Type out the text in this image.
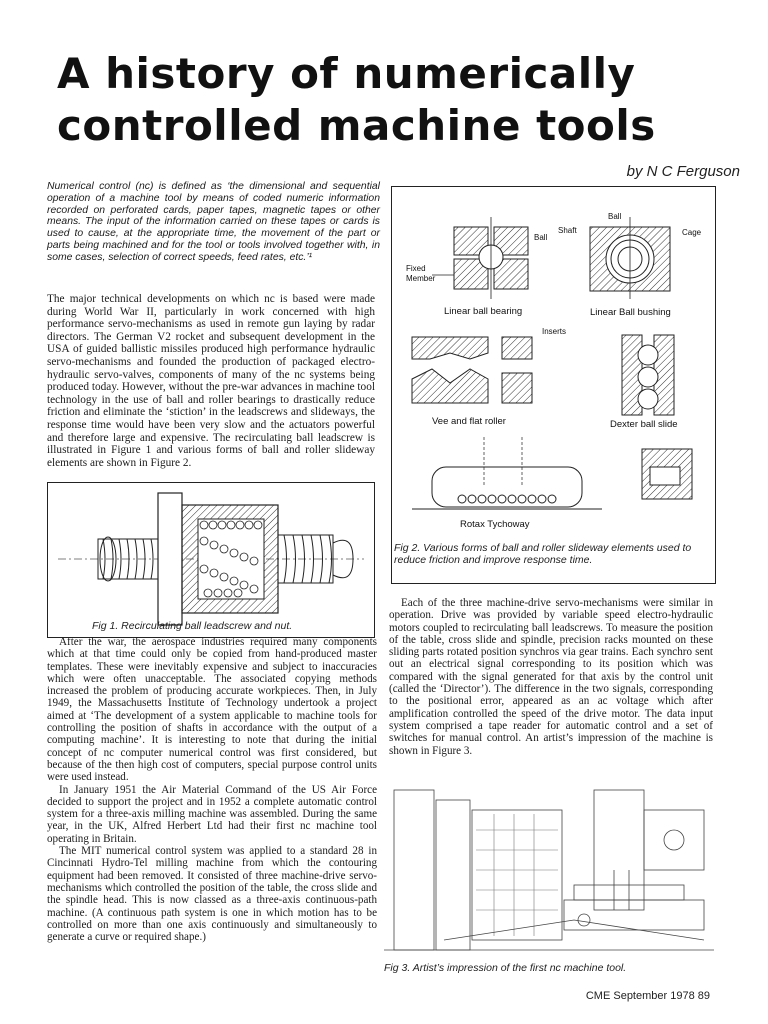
A history of numerically
controlled machine tools
by N C Ferguson
Numerical control (nc) is defined as ‘the dimensional and sequential operation of a machine tool by means of coded numeric information recorded on perforated cards, paper tapes, magnetic tapes or other means. The input of the information carried on these tapes or cards is used to cause, at the appropriate time, the movement of the part or parts being machined and for the tool or tools involved together with, in some cases, selection of correct speeds, feed rates, etc.’¹

The major technical developments on which nc is based were made during World War II, particularly in work concerned with high performance servo-mechanisms as used in remote gun laying by radar directors. The German V2 rocket and subsequent development in the USA of guided ballistic missiles produced high performance hydraulic servo-mechanisms and founded the production of packaged electro-hydraulic servo-valves, components of many of the nc systems being produced today. However, without the pre-war advances in machine tool technology in the use of ball and roller bearings to drastically reduce friction and eliminate the ‘stiction’ in the leadscrews and slideways, the response time would have been very slow and the actuators powerful and therefore large and expensive. The recirculating ball leadscrew is illustrated in Figure 1 and various forms of ball and roller slideway elements are shown in Figure 2.

Fig 1. Recirculating ball leadscrew and nut.

After the war, the aerospace industries required many components which at that time could only be copied from hand-produced master templates. These were inevitably expensive and subject to inaccuracies which were often unacceptable. The associated copying methods increased the problem of producing accurate workpieces. Then, in July 1949, the Massachusetts Institute of Technology undertook a project aimed at ‘The development of a system applicable to machine tools for controlling the position of shafts in accordance with the output of a computing machine’. It is interesting to note that during the initial concept of nc computer numerical control was first considered, but because of the then high cost of computers, special purpose control units were used instead.

In January 1951 the Air Material Command of the US Air Force decided to support the project and in 1952 a complete automatic control system for a three-axis milling machine was assembled. During the same year, in the UK, Alfred Herbert Ltd had their first nc machine tool operating in Britain.

The MIT numerical control system was applied to a standard 28 in Cincinnati Hydro-Tel milling machine from which the contouring equipment had been removed. It consisted of three machine-drive servo-mechanisms which controlled the position of the table, the cross slide and the spindle head. This is now classed as a three-axis continuous-path machine. (A continuous path system is one in which motion has to be controlled on more than one axis continuously and simultaneously to generate a curve or required shape.)

Ball
Fixed
Member
Linear ball bearing
Ball
Shaft	Cage
Linear Ball bushing
Inserts
Vee and flat roller	Dexter ball slide
Rotax Tychoway
Fig 2. Various forms of ball and roller slideway elements used to reduce friction and improve response time.

Each of the three machine-drive servo-mechanisms were similar in operation. Drive was provided by variable speed electro-hydraulic motors coupled to recirculating ball leadscrews. To measure the position of the table, cross slide and spindle, precision racks mounted on these sliding parts rotated position synchros via gear trains. Each synchro sent out an electrical signal corresponding to its position which was compared with the signal generated for that axis by the control unit (called the ‘Director’). The difference in the two signals, corresponding to the positional error, appeared as an ac voltage which after amplification controlled the speed of the drive motor. The data input system comprised a tape reader for automatic control and a set of switches for manual control. An artist’s impression of the machine is shown in Figure 3.

Fig 3. Artist’s impression of the first nc machine tool.
CME September 1978 89
